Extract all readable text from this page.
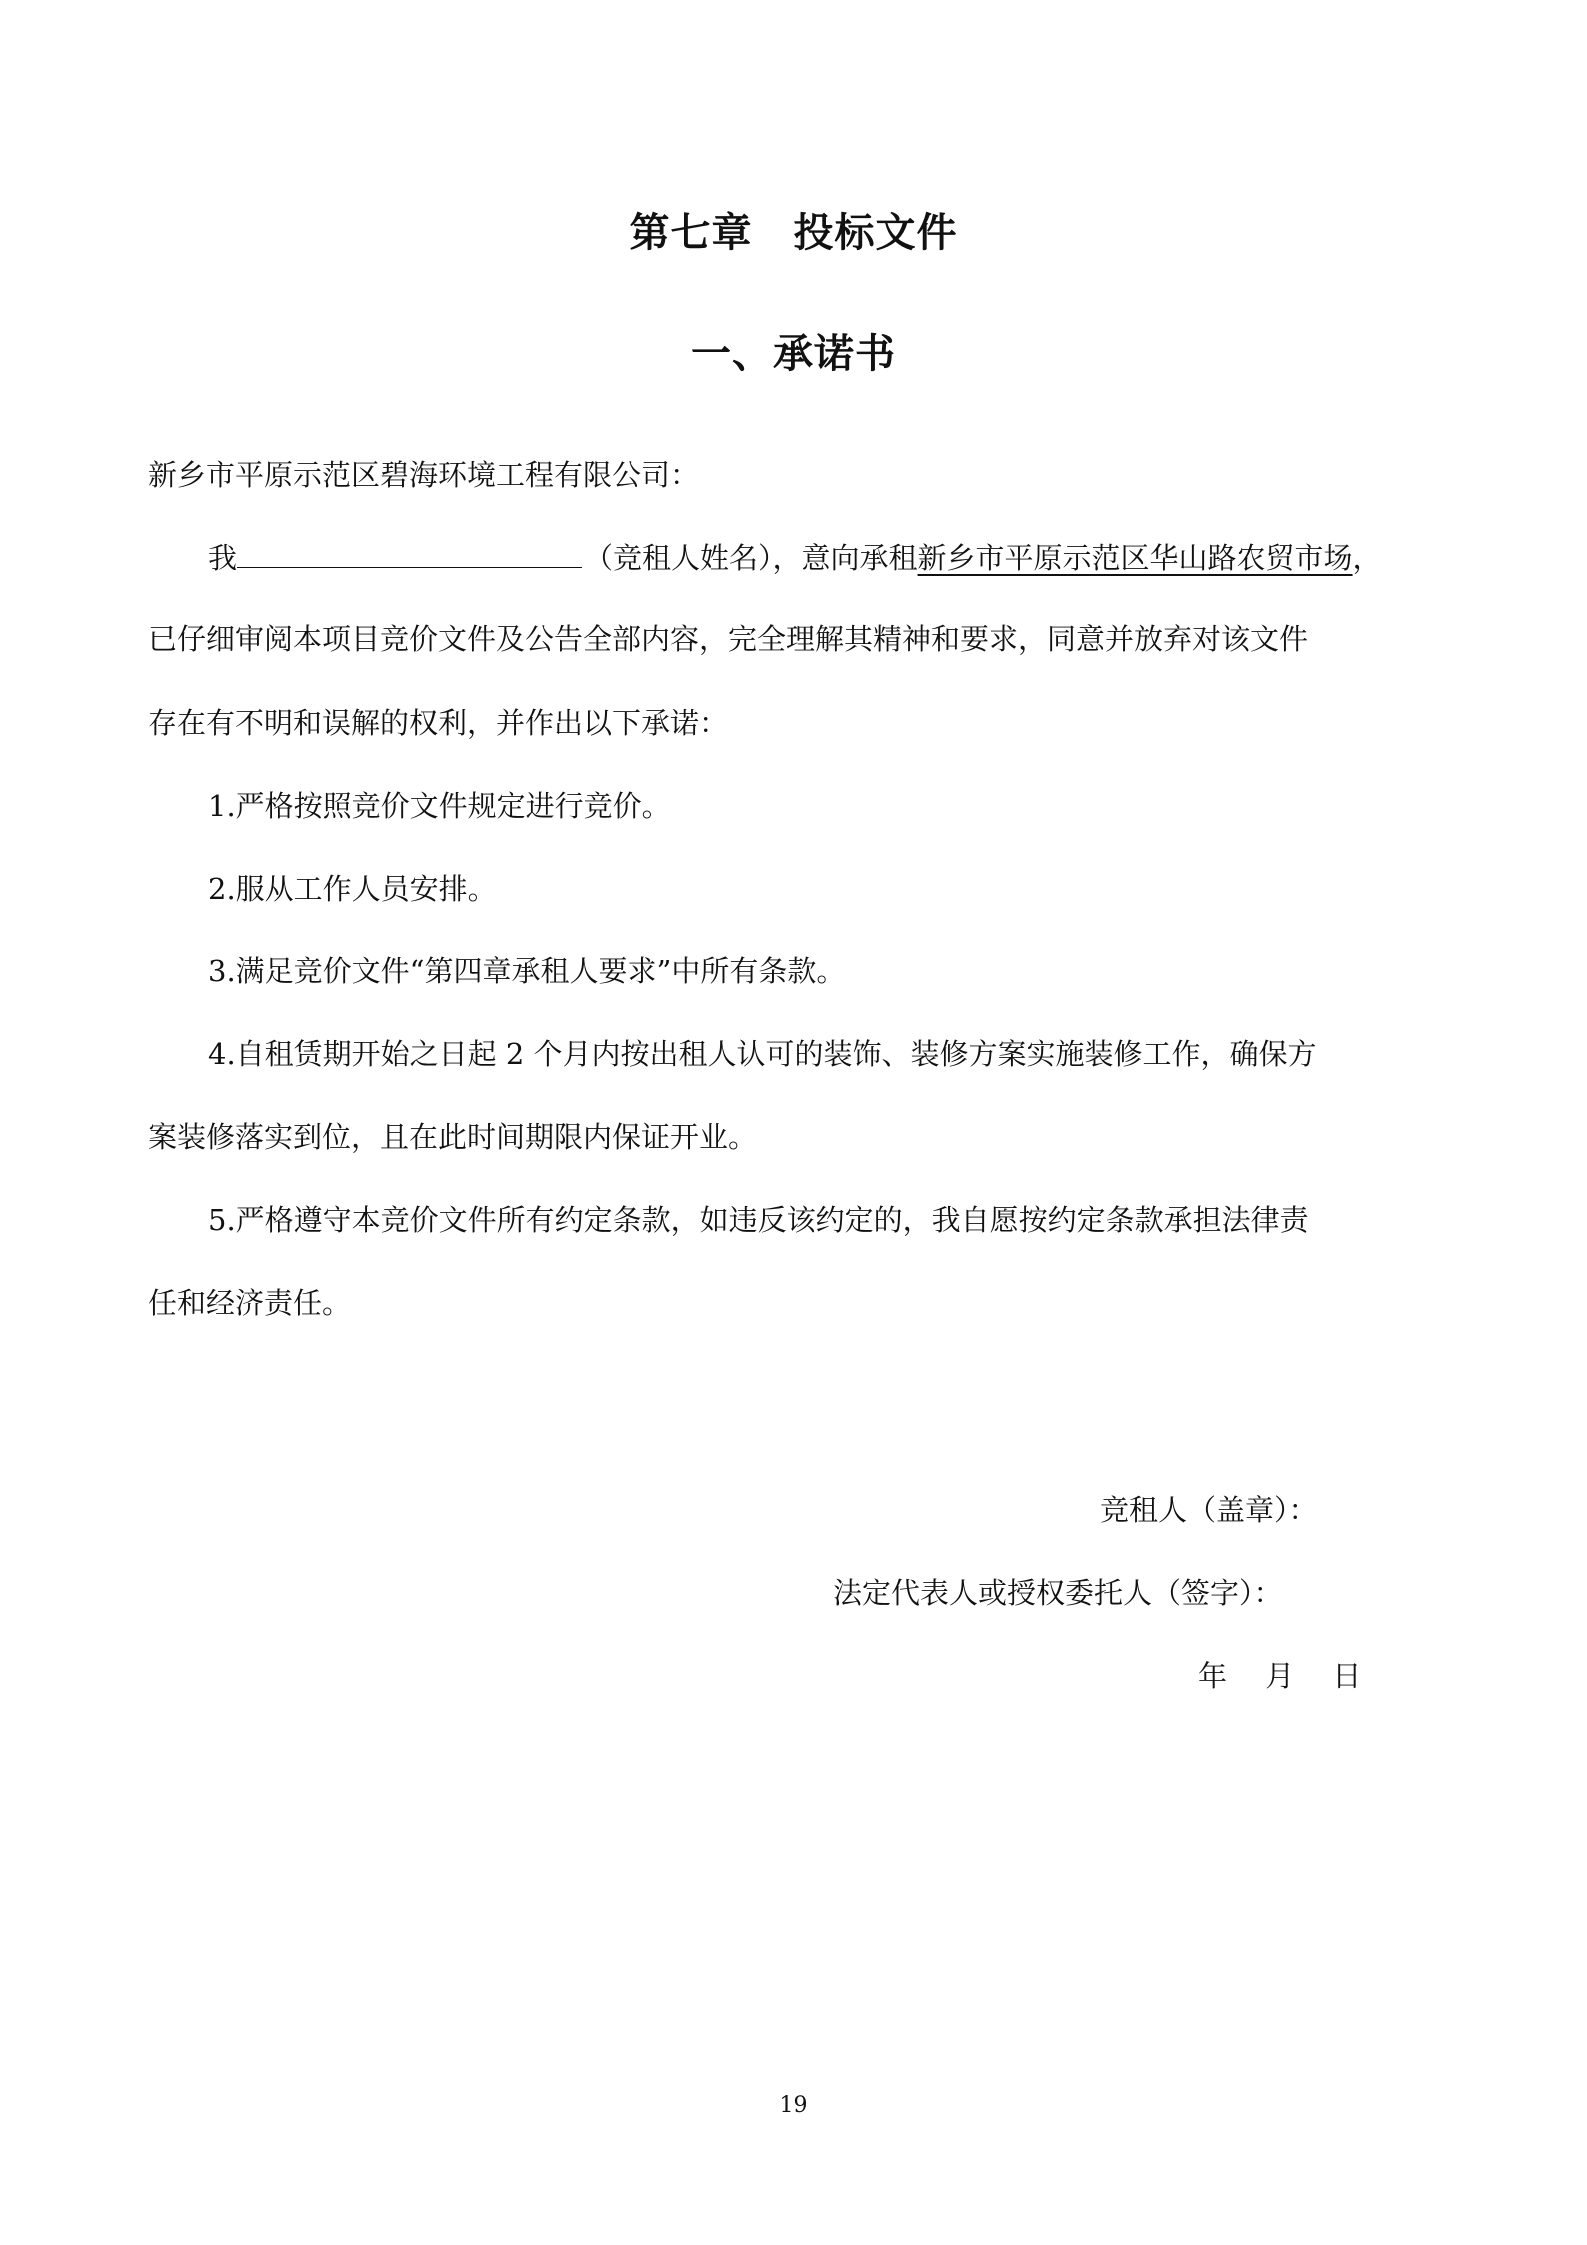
第七章　投标文件
一、承诺书
新乡市平原示范区碧海环境工程有限公司：
我	（竞租人姓名），意向承租新乡市平原示范区华山路农贸市场，
已仔细审阅本项目竞价文件及公告全部内容，完全理解其精神和要求，同意并放弃对该文件
存在有不明和误解的权利，并作出以下承诺：
1.严格按照竞价文件规定进行竞价。
2.服从工作人员安排。
3.满足竞价文件“第四章承租人要求”中所有条款。
4.自租赁期开始之日起 2 个月内按出租人认可的装饰、装修方案实施装修工作，确保方
案装修落实到位，且在此时间期限内保证开业。
5.严格遵守本竞价文件所有约定条款，如违反该约定的，我自愿按约定条款承担法律责
任和经济责任。
竞租人（盖章）：
法定代表人或授权委托人（签字）：
年　 月　 日
19
